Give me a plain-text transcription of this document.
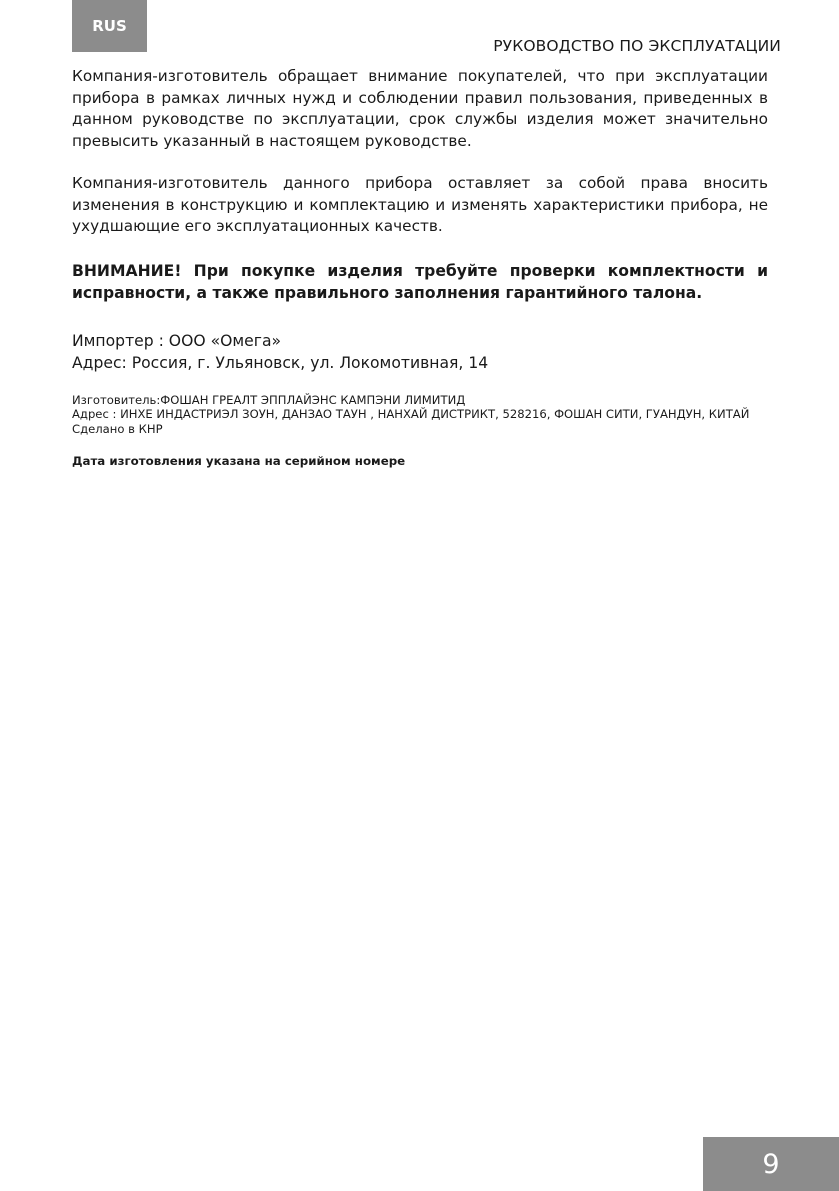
RUS
РУКОВОДСТВО ПО ЭКСПЛУАТАЦИИ

Компания-изготовитель обращает внимание покупателей, что при эксплуатации прибора в рамках личных нужд и соблюдении правил пользования, приведенных в данном руководстве по эксплуатации, срок службы изделия может значительно превысить указанный в настоящем руководстве.

Компания-изготовитель данного прибора оставляет за собой права вносить изменения в конструкцию и комплектацию и изменять характеристики прибора, не ухудшающие его эксплуатационных качеств.

ВНИМАНИЕ! При покупке изделия требуйте проверки комплектности и исправности, а также правильного заполнения гарантийного талона.
Импортер : ООО «Омега»
Адрес: Россия, г. Ульяновск, ул. Локомотивная, 14
Изготовитель:ФОШАН ГРЕАЛТ ЭППЛАЙЭНС КАМПЭНИ ЛИМИТИД
Адрес : ИНХЕ ИНДАСТРИЭЛ ЗОУН, ДАНЗАО ТАУН , НАНХАЙ ДИСТРИКТ, 528216, ФОШАН СИТИ, ГУАНДУН, КИТАЙ
Сделано в КНР
Дата изготовления указана на серийном номере
9
